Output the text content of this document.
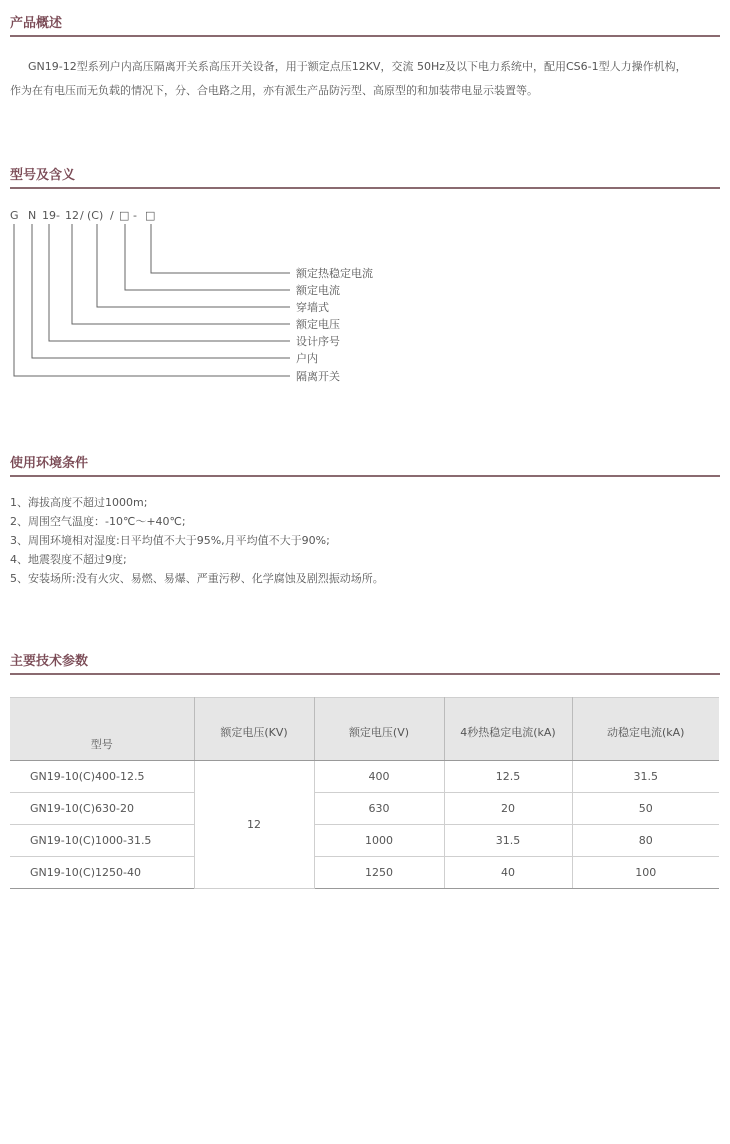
产品概述
GN19-12型系列户内高压隔离开关系高压开关设备，用于额定点压12KV，交流 50Hz及以下电力系统中，配用CS6-1型人力操作机构，
作为在有电压而无负载的情况下，分、合电路之用，亦有派生产品防污型、高原型的和加装带电显示装置等。
型号及含义
G N 19 - 12 / (C) / □ - □
额定热稳定电流
额定电流
穿墙式
额定电压
设计序号
户内
隔离开关
使用环境条件
1、海拔高度不超过1000m;
2、周围空气温度：-10℃～+40℃;
3、周围环境相对湿度:日平均值不大于95%,月平均值不大于90%;
4、地震裂度不超过9度;
5、安装场所:没有火灾、易燃、易爆、严重污秽、化学腐蚀及剧烈振动场所。
主要技术参数
型号	额定电压(KV)	额定电压(V)	4秒热稳定电流(kA)	动稳定电流(kA)
GN19-10(C)400-12.5	12	400	12.5	31.5
GN19-10(C)630-20		630	20	50
GN19-10(C)1000-31.5		1000	31.5	80
GN19-10(C)1250-40		1250	40	100
